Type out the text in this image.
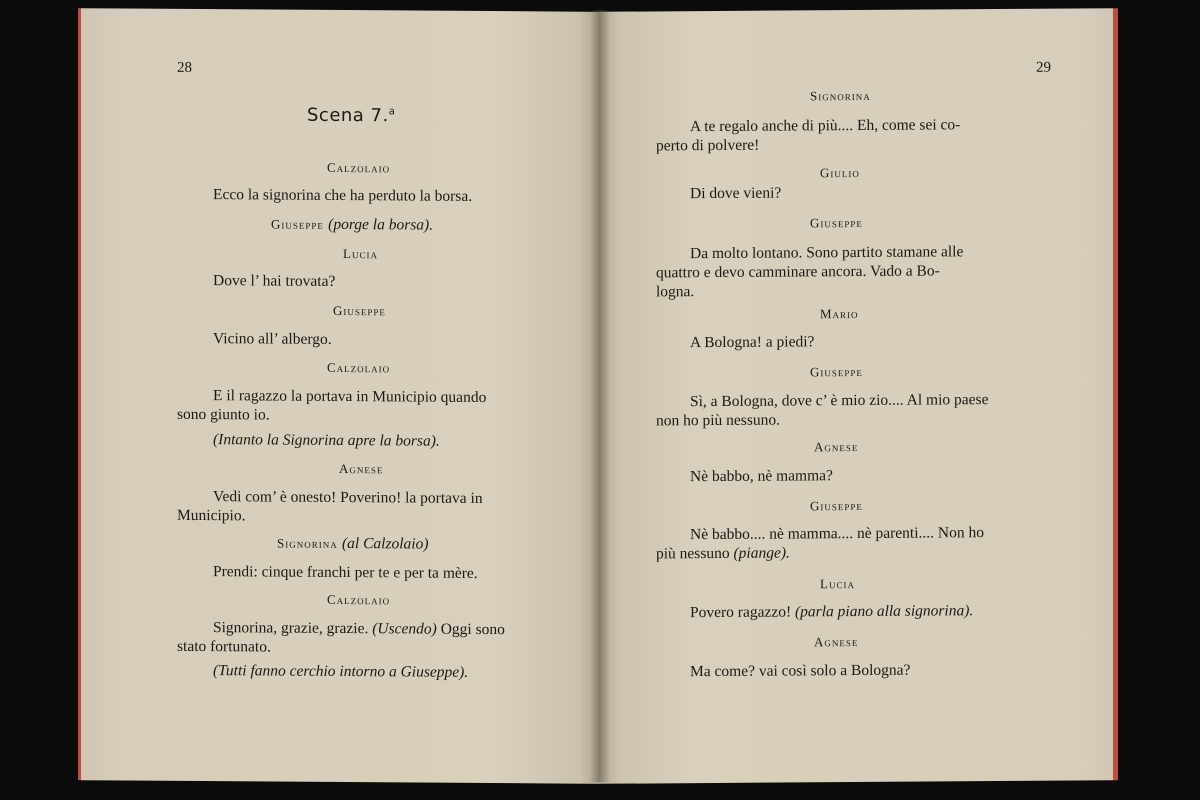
28
Scena 7.$^a$
Calzolaio
Ecco la signorina che ha perduto la borsa.
Giuseppe (porge la borsa).
Lucia
Dove l’ hai trovata?
Giuseppe
Vicino all’ albergo.
Calzolaio
E il ragazzo la portava in Municipio quando
sono giunto io.
(Intanto la Signorina apre la borsa).
Agnese
Vedi com’ è onesto! Poverino! la portava in
Municipio.
Signorina (al Calzolaio)
Prendi: cinque franchi per te e per ta mère.
Calzolaio
Signorina, grazie, grazie. (Uscendo) Oggi sono
stato fortunato.
(Tutti fanno cerchio intorno a Giuseppe).
29
Signorina
A te regalo anche di più.... Eh, come sei co-
perto di polvere!
Giulio
Di dove vieni?
Giuseppe
Da molto lontano. Sono partito stamane alle
quattro e devo camminare ancora. Vado a Bo-
logna.
Mario
A Bologna! a piedi?
Giuseppe
Sì, a Bologna, dove c’ è mio zio.... Al mio paese
non ho più nessuno.
Agnese
Nè babbo, nè mamma?
Giuseppe
Nè babbo.... nè mamma.... nè parenti.... Non ho
più nessuno (piange).
Lucia
Povero ragazzo! (parla piano alla signorina).
Agnese
Ma come? vai così solo a Bologna?
